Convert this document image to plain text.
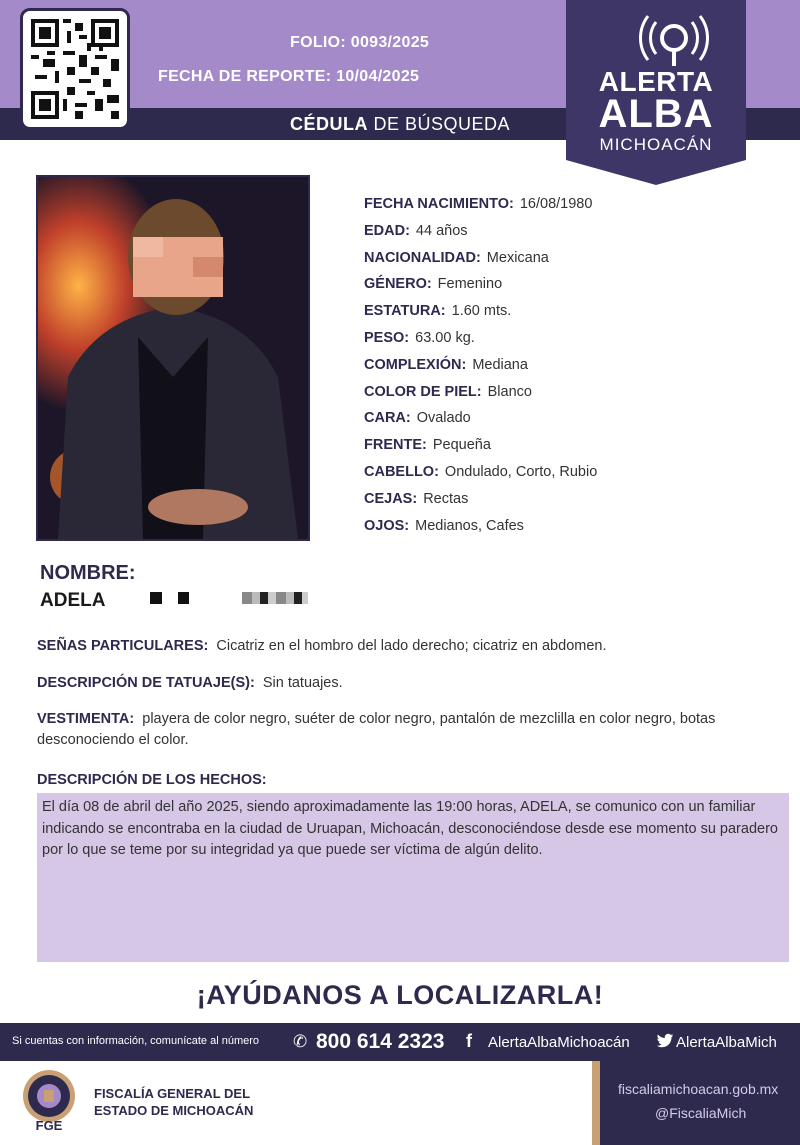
FOLIO: 0093/2025
FECHA DE REPORTE: 10/04/2025
CÉDULA DE BÚSQUEDA
ALERTA
ALBA
MICHOACÁN
FECHA NACIMIENTO: 16/08/1980
EDAD: 44 años
NACIONALIDAD: Mexicana
GÉNERO: Femenino
ESTATURA: 1.60 mts.
PESO: 63.00 kg.
COMPLEXIÓN: Mediana
COLOR DE PIEL: Blanco
CARA: Ovalado
FRENTE: Pequeña
CABELLO: Ondulado, Corto, Rubio
CEJAS: Rectas
OJOS: Medianos, Cafes
NOMBRE:
ADELA
SEÑAS PARTICULARES: Cicatriz en el hombro del lado derecho; cicatriz en abdomen.
DESCRIPCIÓN DE TATUAJE(S): Sin tatuajes.
VESTIMENTA: playera de color negro, suéter de color negro, pantalón de mezclilla en color negro, botas desconociendo el color.
DESCRIPCIÓN DE LOS HECHOS:
El día 08 de abril del año 2025, siendo aproximadamente las 19:00 horas, ADELA, se comunico con un familiar indicando se encontraba en la ciudad de Uruapan, Michoacán, desconociéndose desde ese momento su paradero por lo que se teme por su integridad ya que puede ser víctima de algún delito.
¡AYÚDANOS A LOCALIZARLA!
Si cuentas con información, comunícate al número ✆ 800 614 2323 f AlertaAlbaMichoacán	AlertaAlbaMich
FGE
FISCALÍA GENERAL DEL
ESTADO DE MICHOACÁN
fiscaliamichoacan.gob.mx
@FiscaliaMich
